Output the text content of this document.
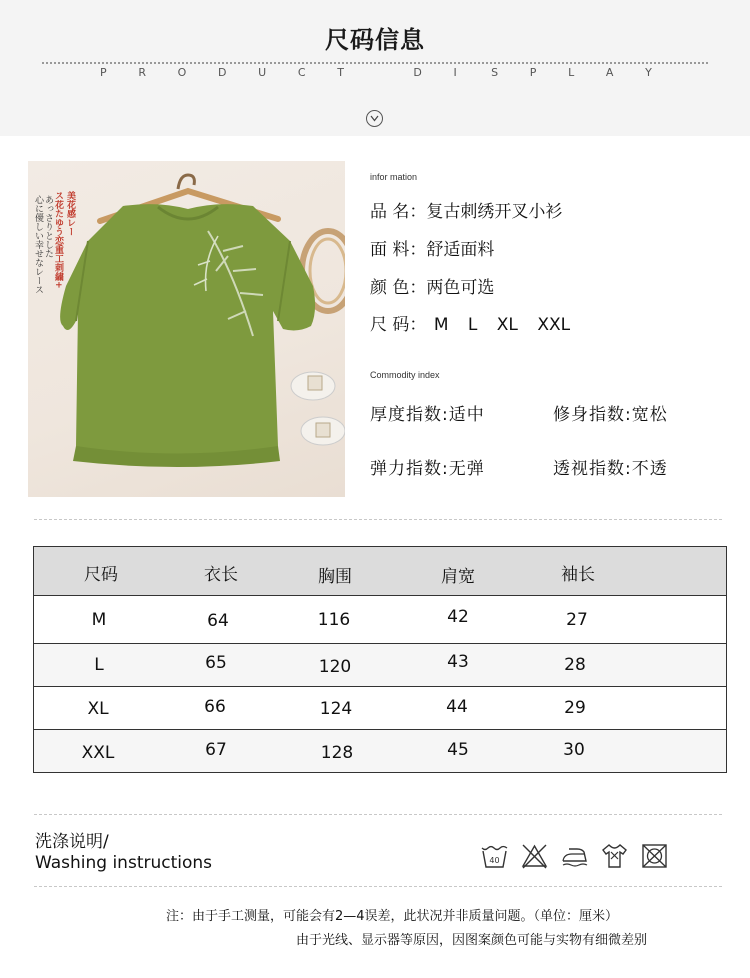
尺码信息
P	R	O	D	U	C	T	D	I	S	P	L	A	Y
美花感レー
ス花たゆう恋重工刺繍+
あっさりとした
心に優しい幸せなレース
infor mation
品 名：复古刺绣开叉小衫
面 料：舒适面料
颜 色：两色可选
尺 码： M L XL XXL
Commodity index
厚度指数:适中	修身指数:宽松
弹力指数:无弹	透视指数:不透
尺码	衣长	胸围	肩宽	袖长

M	64	116	42	27

L	65	120	43	28

XL	66	124	44	29

XXL	67	128	45	30
洗涤说明/
Washing instructions	40
注：由于手工测量，可能会有2—4误差，此状况并非质量问题。（单位：厘米）
由于光线、显示器等原因，因图案颜色可能与实物有细微差别
